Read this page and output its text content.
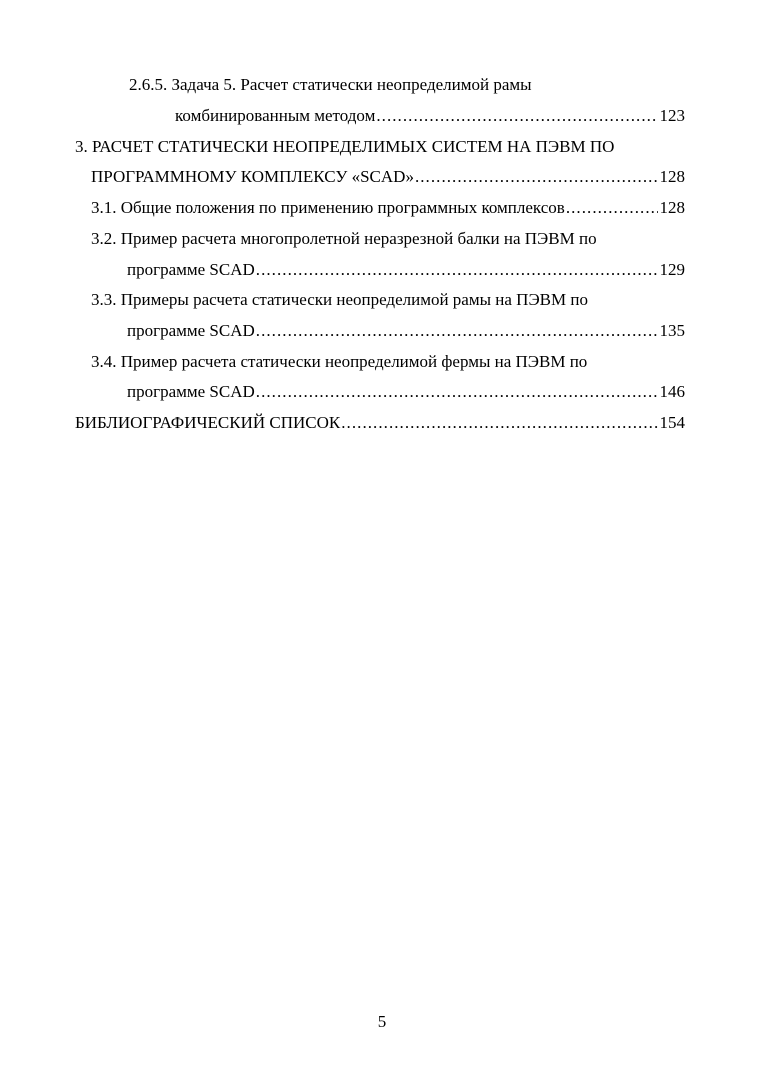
2.6.5. Задача 5. Расчет статически неопределимой рамы
комбинированным методом . . .	123
3. РАСЧЕТ СТАТИЧЕСКИ НЕОПРЕДЕЛИМЫХ СИСТЕМ НА ПЭВМ ПО
ПРОГРАММНОМУ КОМПЛЕКСУ «SCAD» . . .	128
3.1. Общие положения по применению программных комплексов . . .	128
3.2. Пример расчета многопролетной неразрезной балки на ПЭВМ по
программе SCAD . . .	129
3.3. Примеры расчета статически неопределимой рамы на ПЭВМ по
программе SCAD . . .	135
3.4. Пример расчета статически неопределимой фермы на ПЭВМ по
программе SCAD . . .	146
БИБЛИОГРАФИЧЕСКИЙ СПИСОК . . .	154
5
